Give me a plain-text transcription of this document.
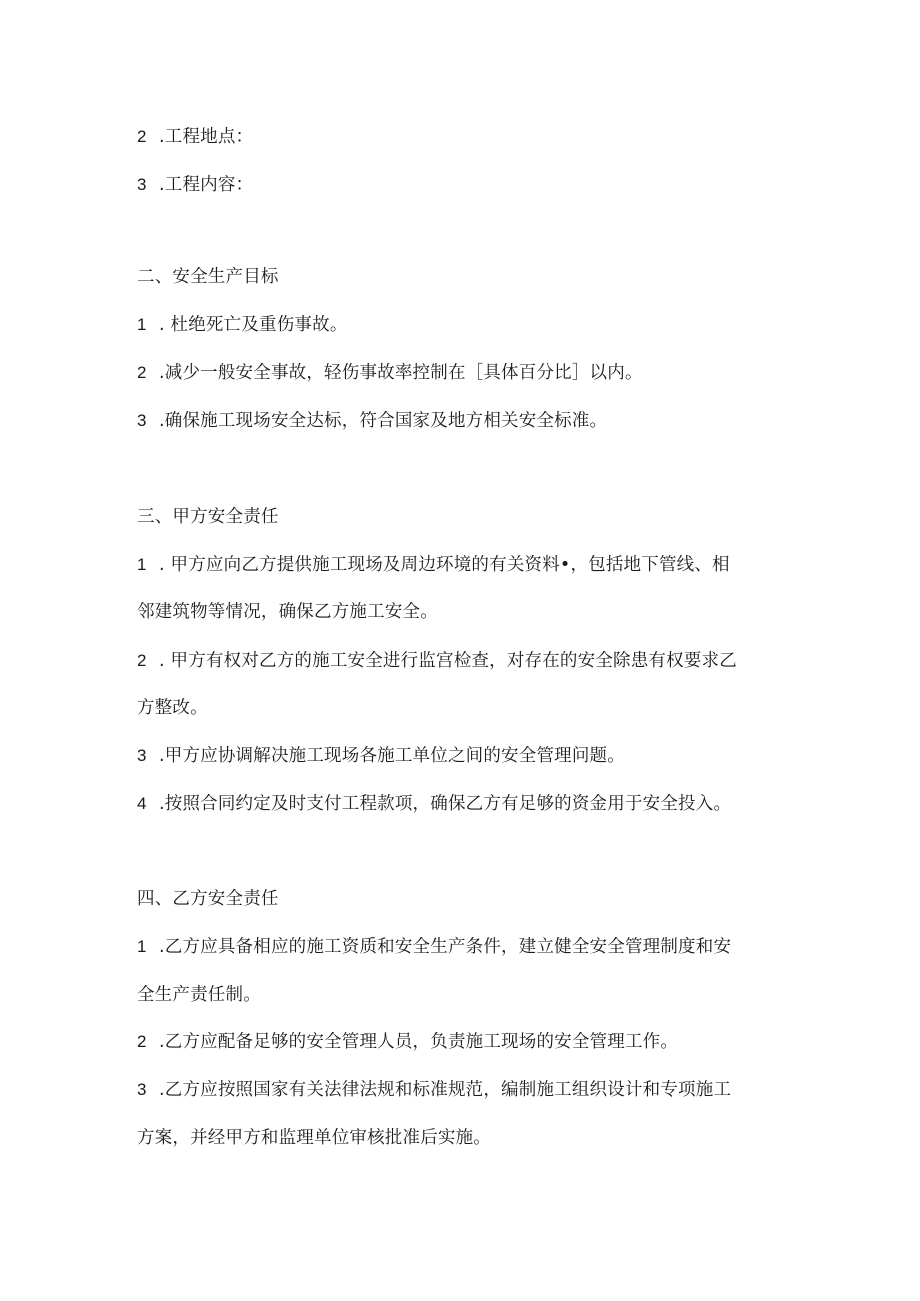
2 .工程地点：
3 .工程内容：
二、安全生产目标
1 . 杜绝死亡及重伤事故。
2 .减少一般安全事故，轻伤事故率控制在［具体百分比］以内。
3 .确保施工现场安全达标，符合国家及地方相关安全标准。
三、甲方安全责任
1 . 甲方应向乙方提供施工现场及周边环境的有关资料•，包括地下管线、相
邻建筑物等情况，确保乙方施工安全。
2 . 甲方有权对乙方的施工安全进行监宫检查，对存在的安全除患有权要求乙
方整改。
3 .甲方应协调解决施工现场各施工单位之间的安全管理问题。
4 .按照合同约定及时支付工程款项，确保乙方有足够的资金用于安全投入。
四、乙方安全责任
1 .乙方应具备相应的施工资质和安全生产条件，建立健全安全管理制度和安
全生产责任制。
2 .乙方应配备足够的安全管理人员，负责施工现场的安全管理工作。
3 .乙方应按照国家有关法律法规和标准规范，编制施工组织设计和专项施工
方案，并经甲方和监理单位审核批准后实施。
